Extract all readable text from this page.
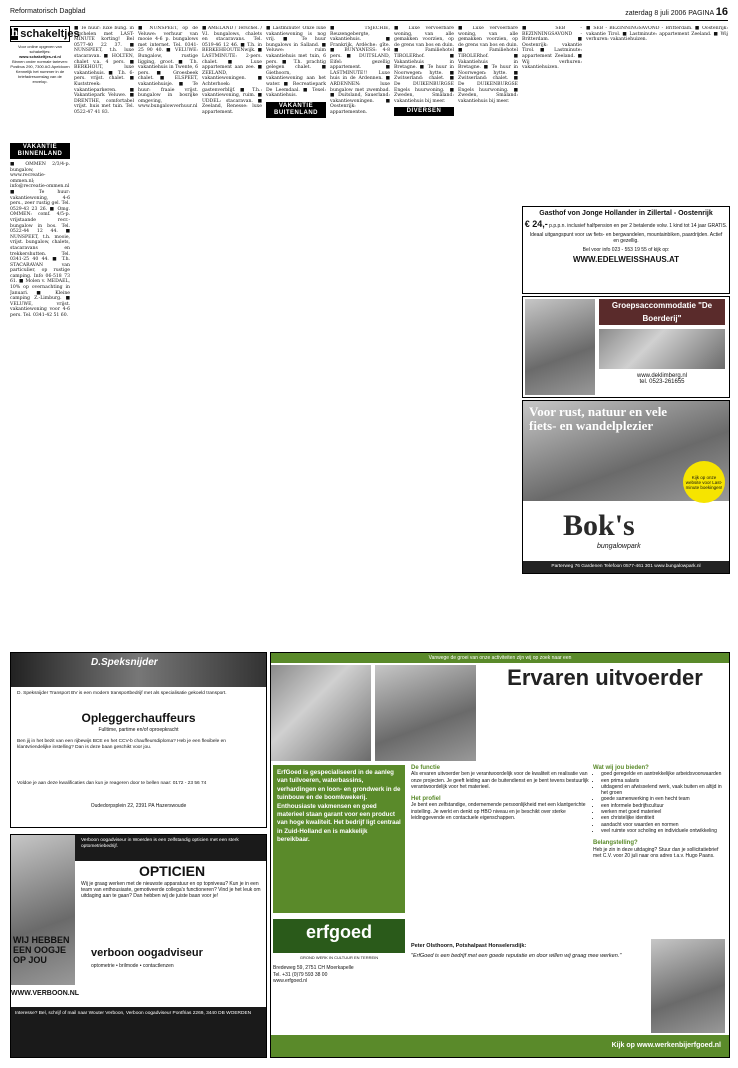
Reformatorisch Dagblad	zaterdag 8 juli 2006 PAGINA 16
h schakeltjes
Voor online opgeven van schakeltjes:
www.schakeltjes-rd.nl
Binnen onder normale tarieven:
Postbus 290, 7300 AG Apeldoorn
Kennelijk het nummer in de briefadresomslag van de envelop.
VAKANTIE BINNENLAND

■ OMMEN 2/3/4-p. bungalow, www.recreatie-ommen.nl; info@recreatie-ommen.nl ■ Te huur: vakantiewoning, 4-6 pers., zeer rustig gel. Tel. 0529-43 23 26. ■ Omg. OMMEN: comf. 4/5-p. vrijstaande recr.-bungalow in bos. Tel. 0522-44 12 44. ■ NUNSPEET, t.h. mooie, vrijst. bungalow, chalets, stacaravans en trekkershutten. Tel. 0341-25 40 44. ■ T.h. STACARAVAN van particulier, op rustige camping. Info 06-518 73 61. ■ Molen v. MEDAEL, 10% op overnachting in Januari. ■ Kleine camping Z.-Limburg. ■ VELUWE, vrijst. vakantiewoning voor 4-6 pers. Tel. 0341-42 51 60.

■ Te huur: luxe bung. in Ugchelen met LAST-MINUTE korting! Bel 0577-40 22 37. ■ NUNSPEET, t.h. luxe stacaravan. ■ HOLTEN, chalet v.a. 4 pers. ■ BERKHOUT, luxe vakantiehuis. ■ T.h. 6-pers. vrijst. chalet. ■ Kuststreek: vakantieparkeren. ■ Vakantiepark Veluwe. ■ DRENTHE, comfortabel vrijst. huis met tuin. Tel. 0522-47 41 83.

■ NUNSPEET, op de Veluwe: verhuur van mooie 4-6 p. bungalows met internet. Tel. 0341-25 90 40. ■ VELUWE: Bungalow, rustige ligging, groot. ■ T.h. vakantiehuis in Twente, 6 pers. ■ Groesbeek chalet. ■ ELSPEET, vakantiehuisje. ■ Te huur: fraaie vrijst. bungalow in bosrijke omgeving, www.bungalowverhuur.nl

■ AMELAND / Terschel. / V.l. bungalows, chalets en stacaravans. Tel. 0519-46 12 46. ■ T.h. in BERKEHEOUTENwijk. ■ LASTMINUTE: 2-pers. chalet. ■ Luxe appartement aan zee. ■ ZEELAND, vakantiewoningen. ■ Achterhoek: gastenverblijf. ■ T.h.: vakantiewoning, ruim. ■ UDDEL: stacaravan. ■ Zeeland, Renesse: luxe appartement.

■ Lastminute! Onze luxe vakantiewoning is nog vrij. ■ Te huur bungalows in Salland. ■ Veluwe: ruim vakantiehuis met tuin, 6 pers. ■ T.h. prachtig gelegen chalet. ■ Giethoorn, vakantiewoning aan het water. ■ Recreatiepark De Leemdaal. ■ Texel: vakantiehuis.

VAKANTIE BUITENLAND

■ TSJECHIË, Reuzengebergte, vakantiehuis. ■ Frankrijk, Ardèche: gîte. ■ BUNYANESS: 4-8 pers. ■ DUITSLAND, Eifel: gezellig appartement. ■ LASTMINUTE!! Luxe huis in de Ardennen. ■ ARDENNEN: luxe bungalow met zwembad. ■ Duitsland, Sauerland: vakantiewoningen. ■ Oostenrijk: appartementen.

■ Luxe vervoerbare woning, van alle gemakken voorzien, op de grens van bos en duin. ■ Familiehotel TIROLERhof. ■ Vakantiehuis in Bretagne. ■ Te huur in Noorwegen: hytte. ■ Zwitserland: chalet. ■ De DUIKENBURGSE Engels huurwoning. ■ Zweden, Småland: vakantiehuis bij meer.

DIVERSEN

■ Luxe vervoerbare woning, van alle gemakken voorzien, op de grens van bos en duin. ■ Familiehotel TIROLERhof. ■ Vakantiehuis in Bretagne. ■ Te huur in Noorwegen: hytte. ■ Zwitserland: chalet. ■ De DUIKENBURGSE Engels huurwoning. ■ Zweden, Småland: vakantiehuis bij meer.

■ SEB - BEZINNINGSAVOND - Britterdam. ■ Oostenrijk: vakantie Tirol. ■ Lastminute: appartement Zeeland. ■ Wij verhuren: vakantiehuizen.

■ SEB - BEZINNINGSAVOND - Britterdam. ■ Oostenrijk: vakantie Tirol. ■ Lastminute: appartement Zeeland. ■ Wij verhuren: vakantiehuizen.

Gasthof von Jonge Hollander in Zillertal - Oostenrijk
€ 24,- p.p.p.n. inclusief halfpension en per 2 betalende volw. 1 kind tot 14 jaar GRATIS.
Ideaal uitgangspunt voor uw fiets- en bergwandelen, mountainbiken, paardrijden. Actief en gezellig.
Bel voor info 023 - 553 19 55 of kijk op:
WWW.EDELWEISSHAUS.AT
Groepsaccommodatie "De Boerderij"
www.deklimberg.nl
tel. 0523-261655
Voor rust, natuur en vele fiets- en wandelplezier
Kijk op onze website voor Last-minute boekingen!
Bok's
bungalowpark
Parterweg 76 Gardenen Telefoon 0577-461 301 www.bungalowpark.nl
D.Speksnijder
D. Speksnijder Transport BV is een modern transportbedrijf met als specialisatie gekoeld transport.
Opleggerchauffeurs
Fulltime, partime en/of oproepkracht
Ben jij in het bezit van een rijbewijs BCE en het CCV-b chauffeursdiploma? Heb je een flexibele en klantvriendelijke instelling? Dan is deze baan geschikt voor jou.
Voldoe je aan deze kwalificaties dan kun je reageren door te bellen naar: 0172 - 23 56 74
Oudedorpsplein 22, 2391 PA Hazerswoude
Verboon oogadviseur in Woerden is een zelfstandig opticien met een sterk optometriebedrijf.
OPTICIEN
Wij je graag werken met de nieuwste apparatuur en op topniveau? Kun je in een team van enthousiaste, gemotiveerde collega's functioneren? Vind je het leuk om uitdaging aan te gaan? Dan hebben wij de juiste baan voor je!
WIJ HEBBEN EEN OOGJE OP JOU
verboon oogadviseur
optometrie • brilmode • contactlenzen
WWW.VERBOON.NL
Interesse? Bel, schrijf of mail naar Wouter Verboon, Verboon oogadviseur Pontfrias 2269, 3440 DB WOERDEN
Vanwege de groei van onze activiteiten zijn wij op zoek naar een
Ervaren uitvoerder
ErfGoed is gespecialiseerd in de aanleg van tuilvoeren, waterbassins, verhardingen en loon- en grondwerk in de tuinbouw en de boomkwekerij. Enthousiaste vakmensen en goed materieel staan garant voor een product van hoge kwaliteit. Het bedrijf ligt centraal in Zuid-Holland en is makkelijk bereikbaar.
erfgoed
GROND WERK IN CULTUUR EN TERREIN
Bredeweg 59, 2751 CH Moerkapelle
Tel. +31 (0)79 593 38 00
www.erfgoed.nl
De functie
Als ervaren uitvoerder ben je verantwoordelijk voor de kwaliteit en realisatie van onze projecten. Je geeft leiding aan de buitendienst en je bent tevens bestuurlijk verantwoordelijk voor het materieel.
Het profiel
Je bent een zelfstandige, ondernemende persoonlijkheid met een klantgerichte instelling. Je werkt en denkt op HBO niveau en je beschikt over sterke leidinggevende en contactuele eigenschappen.
Wat wij jou bieden?
• goed geregelde en aantrekkelijke arbeidsvoorwaarden
• een prima salaris
• uitdagend en afwisselend werk, vaak buiten en altijd in het groen
• goede samenwerking in een hecht team
• een informele bedrijfscultuur
• werken met goed materieel
• een christelijke identiteit
• aandacht voor waarden en normen
• veel ruimte voor scholing en individuele ontwikkeling
Belangstelling?
Heb je zin in deze uitdaging? Stuur dan je sollicitatiebrief met C.V. voor 20 juli naar ons adres t.a.v. Hugo Paans.
Peter Olsthoorn, Potshalpast Honselersdijk:
"ErfGoed is een bedrijf met een goede reputatie en door willen wij graag mee werken."
Kijk op www.werkenbijerfgoed.nl
